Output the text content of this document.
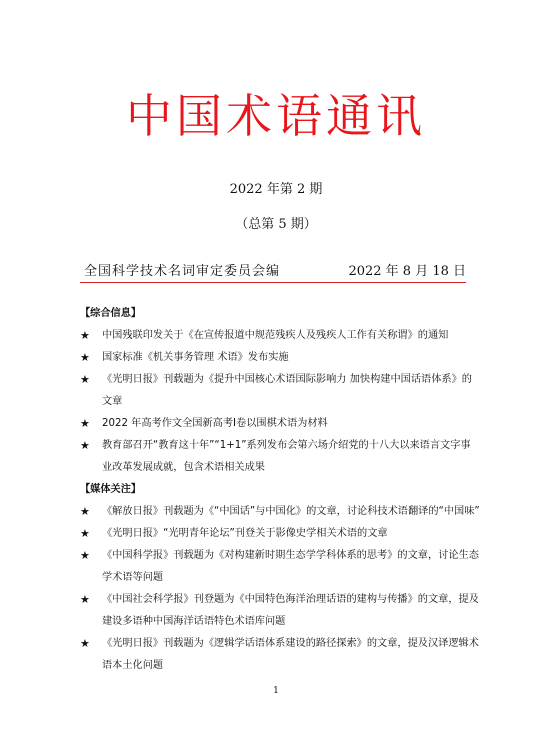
中国术语通讯
2022 年第 2 期
（总第 5 期）
全国科学技术名词审定委员会编	2022 年 8 月 18 日
【综合信息】
★	中国残联印发关于《在宣传报道中规范残疾人及残疾人工作有关称谓》的通知
★	国家标准《机关事务管理 术语》发布实施
★	《光明日报》刊载题为《提升中国核心术语国际影响力 加快构建中国话语体系》的文章
★	2022 年高考作文全国新高考Ⅰ卷以围棋术语为材料
★	教育部召开“教育这十年”“1+1”系列发布会第六场介绍党的十八大以来语言文字事业改革发展成就，包含术语相关成果
【媒体关注】
★	《解放日报》刊载题为《“中国话”与中国化》的文章，讨论科技术语翻译的“中国味”
★	《光明日报》“光明青年论坛”刊登关于影像史学相关术语的文章
★	《中国科学报》刊载题为《对构建新时期生态学学科体系的思考》的文章，讨论生态学术语等问题
★	《中国社会科学报》刊登题为《中国特色海洋治理话语的建构与传播》的文章，提及建设多语种中国海洋话语特色术语库问题
★	《光明日报》刊载题为《逻辑学话语体系建设的路径探索》的文章，提及汉译逻辑术语本土化问题
1
